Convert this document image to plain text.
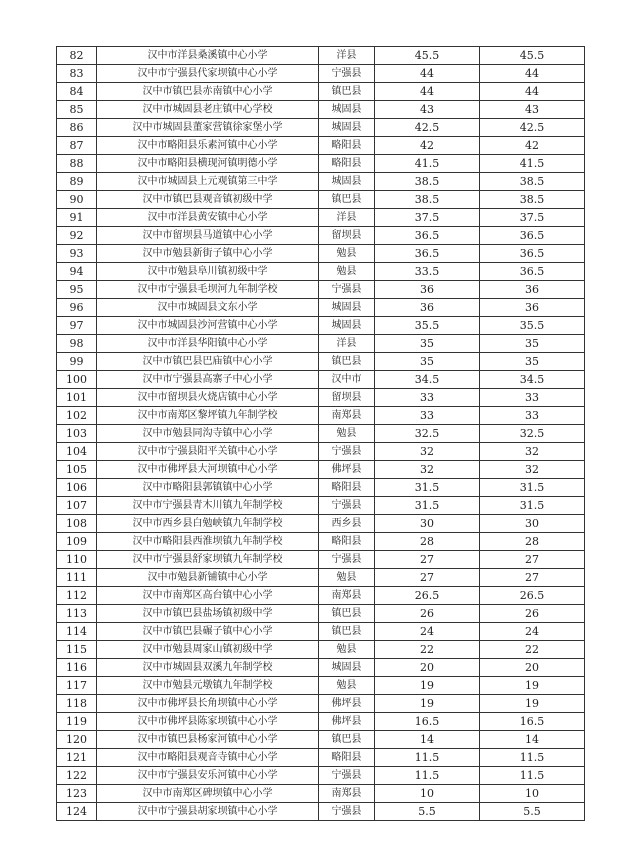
82	汉中市洋县桑溪镇中心小学	洋县	45.5	45.5
83	汉中市宁强县代家坝镇中心小学	宁强县	44	44
84	汉中市镇巴县赤南镇中心小学	镇巴县	44	44
85	汉中市城固县老庄镇中心学校	城固县	43	43
86	汉中市城固县董家营镇徐家堡小学	城固县	42.5	42.5
87	汉中市略阳县乐素河镇中心小学	略阳县	42	42
88	汉中市略阳县横现河镇明德小学	略阳县	41.5	41.5
89	汉中市城固县上元观镇第三中学	城固县	38.5	38.5
90	汉中市镇巴县观音镇初级中学	镇巴县	38.5	38.5
91	汉中市洋县黄安镇中心小学	洋县	37.5	37.5
92	汉中市留坝县马道镇中心小学	留坝县	36.5	36.5
93	汉中市勉县新街子镇中心小学	勉县	36.5	36.5
94	汉中市勉县阜川镇初级中学	勉县	33.5	36.5
95	汉中市宁强县毛坝河九年制学校	宁强县	36	36
96	汉中市城固县文东小学	城固县	36	36
97	汉中市城固县沙河营镇中心小学	城固县	35.5	35.5
98	汉中市洋县华阳镇中心小学	洋县	35	35
99	汉中市镇巴县巴庙镇中心小学	镇巴县	35	35
100	汉中市宁强县高寨子中心小学	汉中市	34.5	34.5
101	汉中市留坝县火烧店镇中心小学	留坝县	33	33
102	汉中市南郑区黎坪镇九年制学校	南郑县	33	33
103	汉中市勉县同沟寺镇中心小学	勉县	32.5	32.5
104	汉中市宁强县阳平关镇中心小学	宁强县	32	32
105	汉中市佛坪县大河坝镇中心小学	佛坪县	32	32
106	汉中市略阳县郭镇镇中心小学	略阳县	31.5	31.5
107	汉中市宁强县青木川镇九年制学校	宁强县	31.5	31.5
108	汉中市西乡县白勉峡镇九年制学校	西乡县	30	30
109	汉中市略阳县西淮坝镇九年制学校	略阳县	28	28
110	汉中市宁强县舒家坝镇九年制学校	宁强县	27	27
111	汉中市勉县新铺镇中心小学	勉县	27	27
112	汉中市南郑区高台镇中心小学	南郑县	26.5	26.5
113	汉中市镇巴县盐场镇初级中学	镇巴县	26	26
114	汉中市镇巴县碾子镇中心小学	镇巴县	24	24
115	汉中市勉县周家山镇初级中学	勉县	22	22
116	汉中市城固县双溪九年制学校	城固县	20	20
117	汉中市勉县元墩镇九年制学校	勉县	19	19
118	汉中市佛坪县长角坝镇中心小学	佛坪县	19	19
119	汉中市佛坪县陈家坝镇中心小学	佛坪县	16.5	16.5
120	汉中市镇巴县杨家河镇中心小学	镇巴县	14	14
121	汉中市略阳县观音寺镇中心小学	略阳县	11.5	11.5
122	汉中市宁强县安乐河镇中心小学	宁强县	11.5	11.5
123	汉中市南郑区碑坝镇中心小学	南郑县	10	10
124	汉中市宁强县胡家坝镇中心小学	宁强县	5.5	5.5
